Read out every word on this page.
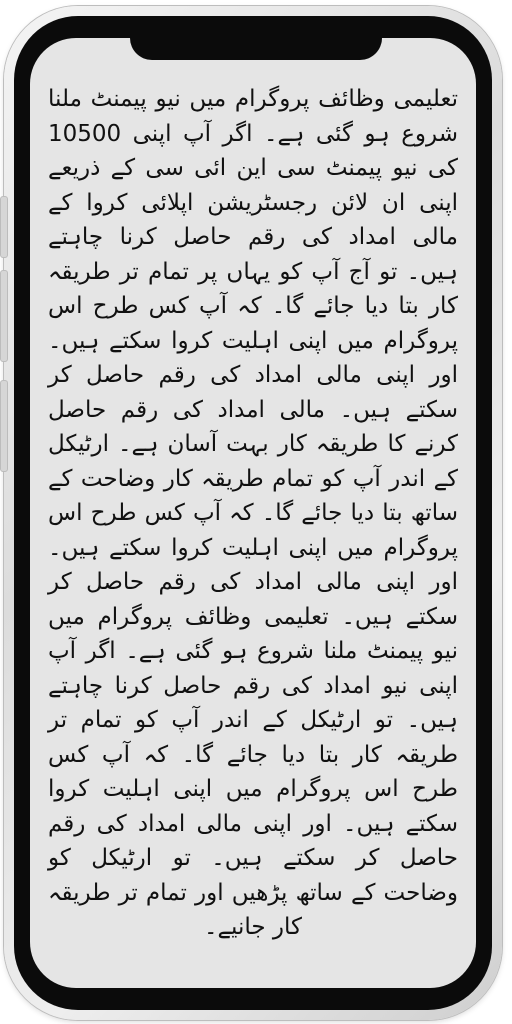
تعلیمی وظائف پروگرام میں نیو پیمنٹ ملنا شروع ہو گئی ہے۔ اگر آپ اپنی 10500 کی نیو پیمنٹ سی این ائی سی کے ذریعے اپنی ان لائن رجسٹریشن اپلائی کروا کے مالی امداد کی رقم حاصل کرنا چاہتے ہیں۔ تو آج آپ کو یہاں پر تمام تر طریقہ کار بتا دیا جائے گا۔ کہ آپ کس طرح اس پروگرام میں اپنی اہلیت کروا سکتے ہیں۔ اور اپنی مالی امداد کی رقم حاصل کر سکتے ہیں۔ مالی امداد کی رقم حاصل کرنے کا طریقہ کار بہت آسان ہے۔ ارٹیکل کے اندر آپ کو تمام طریقہ کار وضاحت کے ساتھ بتا دیا جائے گا۔ کہ آپ کس طرح اس پروگرام میں اپنی اہلیت کروا سکتے ہیں۔ اور اپنی مالی امداد کی رقم حاصل کر سکتے ہیں۔ تعلیمی وظائف پروگرام میں نیو پیمنٹ ملنا شروع ہو گئی ہے۔ اگر آپ اپنی نیو امداد کی رقم حاصل کرنا چاہتے ہیں۔ تو ارٹیکل کے اندر آپ کو تمام تر طریقہ کار بتا دیا جائے گا۔ کہ آپ کس طرح اس پروگرام میں اپنی اہلیت کروا سکتے ہیں۔ اور اپنی مالی امداد کی رقم حاصل کر سکتے ہیں۔ تو ارٹیکل کو وضاحت کے ساتھ پڑھیں اور تمام تر طریقہ کار جانیے۔
